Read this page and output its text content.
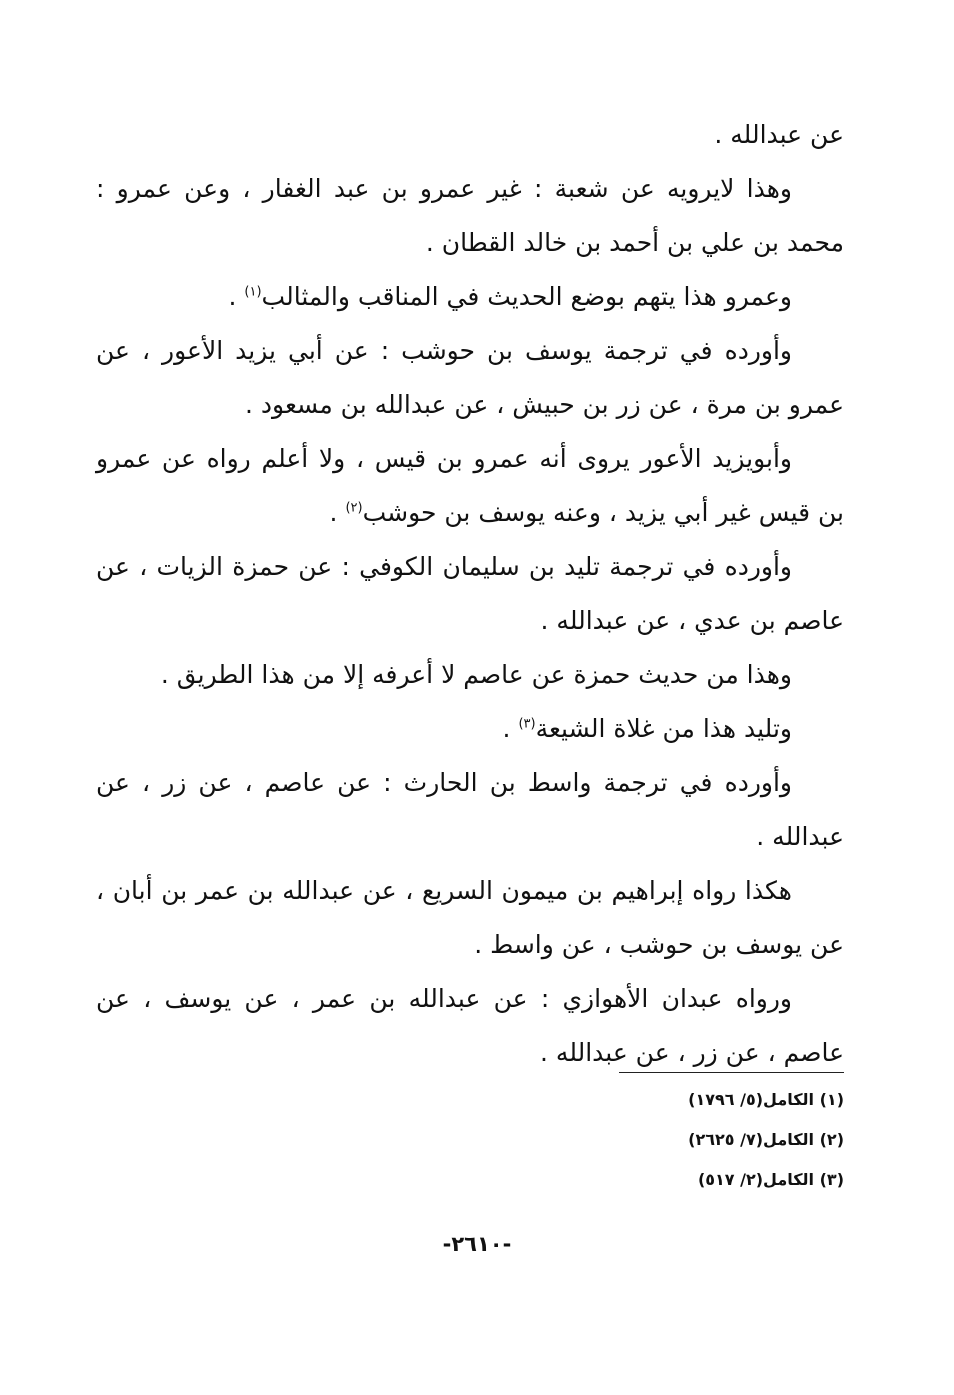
عن عبدالله .

وهذا لايرويه عن شعبة : غير عمرو بن عبد الغفار ، وعن عمرو : محمد بن علي بن أحمد بن خالد القطان .

وعمرو هذا يتهم بوضع الحديث في المناقب والمثالب$^{(١)}$ .

وأورده في ترجمة يوسف بن حوشب : عن أبي يزيد الأعور ، عن عمرو بن مرة ، عن زر بن حبيش ، عن عبدالله بن مسعود .

وأبويزيد الأعور يروى أنه عمرو بن قيس ، ولا أعلم رواه عن عمرو بن قيس غير أبي يزيد ، وعنه يوسف بن حوشب$^{(٢)}$ .

وأورده في ترجمة تليد بن سليمان الكوفي : عن حمزة الزيات ، عن عاصم بن عدي ، عن عبدالله .

وهذا من حديث حمزة عن عاصم لا أعرفه إلا من هذا الطريق .

وتليد هذا من غلاة الشيعة$^{(٣)}$ .

وأورده في ترجمة واسط بن الحارث : عن عاصم ، عن زر ، عن عبدالله .

هكذا رواه إبراهيم بن ميمون السريع ، عن عبدالله بن عمر بن أبان ، عن يوسف بن حوشب ، عن واسط .

ورواه عبدان الأهوازي : عن عبدالله بن عمر ، عن يوسف ، عن عاصم ، عن زر ، عن عبدالله .

(١) الكامل(٥/ ١٧٩٦)

(٢) الكامل(٧/ ٢٦٢٥)

(٣) الكامل(٢/ ٥١٧)

-٢٦١٠-
